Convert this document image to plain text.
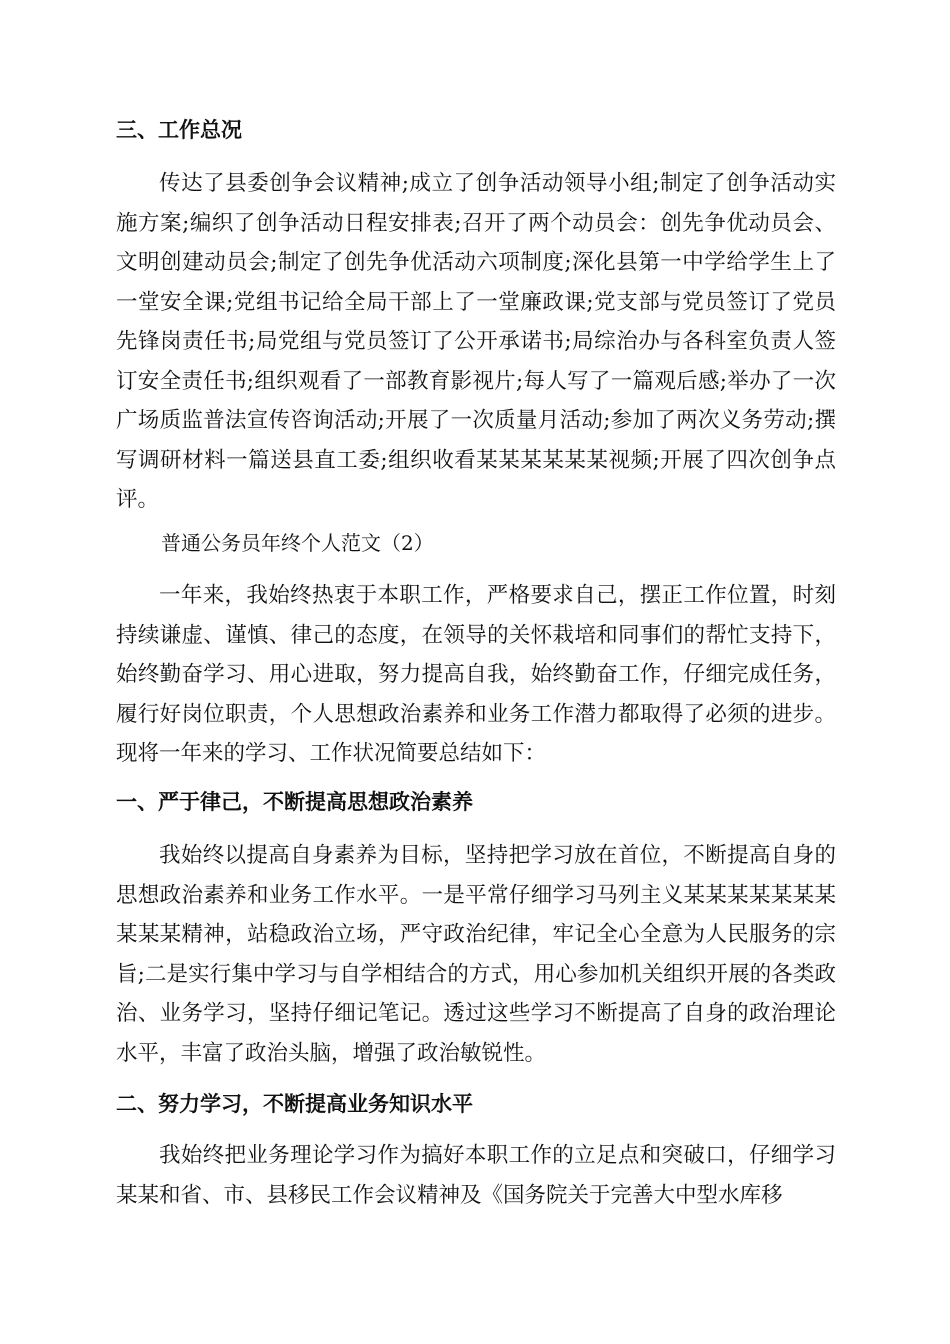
三、工作总况

传达了县委创争会议精神;成立了创争活动领导小组;制定了创争活动实施方案;编织了创争活动日程安排表;召开了两个动员会：创先争优动员会、文明创建动员会;制定了创先争优活动六项制度;深化县第一中学给学生上了一堂安全课;党组书记给全局干部上了一堂廉政课;党支部与党员签订了党员先锋岗责任书;局党组与党员签订了公开承诺书;局综治办与各科室负责人签订安全责任书;组织观看了一部教育影视片;每人写了一篇观后感;举办了一次广场质监普法宣传咨询活动;开展了一次质量月活动;参加了两次义务劳动;撰写调研材料一篇送县直工委;组织收看某某某某某某视频;开展了四次创争点评。

普通公务员年终个人范文（2）

一年来，我始终热衷于本职工作，严格要求自己，摆正工作位置，时刻持续谦虚、谨慎、律己的态度，在领导的关怀栽培和同事们的帮忙支持下，始终勤奋学习、用心进取，努力提高自我，始终勤奋工作，仔细完成任务，履行好岗位职责，个人思想政治素养和业务工作潜力都取得了必须的进步。现将一年来的学习、工作状况简要总结如下：

一、严于律己，不断提高思想政治素养

我始终以提高自身素养为目标，坚持把学习放在首位，不断提高自身的思想政治素养和业务工作水平。一是平常仔细学习马列主义某某某某某某某某某某精神，站稳政治立场，严守政治纪律，牢记全心全意为人民服务的宗旨;二是实行集中学习与自学相结合的方式，用心参加机关组织开展的各类政治、业务学习，坚持仔细记笔记。透过这些学习不断提高了自身的政治理论水平，丰富了政治头脑，增强了政治敏锐性。

二、努力学习，不断提高业务知识水平

我始终把业务理论学习作为搞好本职工作的立足点和突破口，仔细学习某某和省、市、县移民工作会议精神及《国务院关于完善大中型水库移
